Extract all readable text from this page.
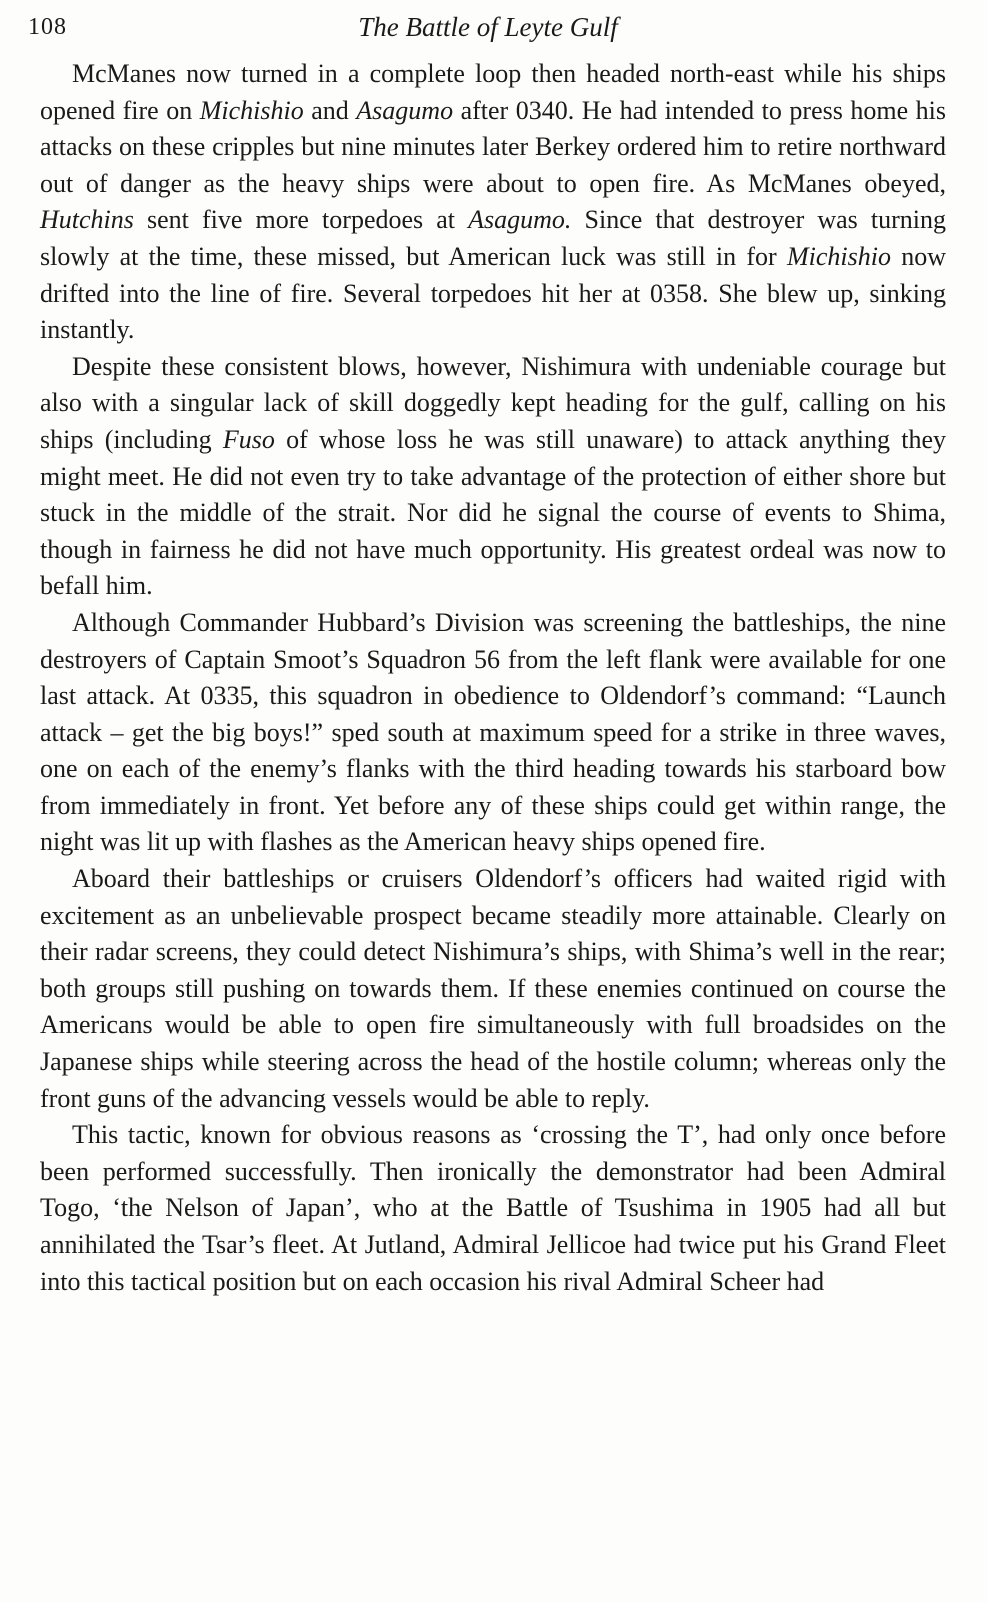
108	The Battle of Leyte Gulf

McManes now turned in a complete loop then headed north-east while his ships opened fire on Michishio and Asagumo after 0340. He had intended to press home his attacks on these cripples but nine minutes later Berkey ordered him to retire northward out of danger as the heavy ships were about to open fire. As McManes obeyed, Hutchins sent five more torpedoes at Asagumo. Since that destroyer was turning slowly at the time, these missed, but American luck was still in for Michishio now drifted into the line of fire. Several torpedoes hit her at 0358. She blew up, sinking instantly.

Despite these consistent blows, however, Nishimura with undeniable courage but also with a singular lack of skill doggedly kept heading for the gulf, calling on his ships (including Fuso of whose loss he was still unaware) to attack anything they might meet. He did not even try to take advantage of the protection of either shore but stuck in the middle of the strait. Nor did he signal the course of events to Shima, though in fairness he did not have much opportunity. His greatest ordeal was now to befall him.

Although Commander Hubbard’s Division was screening the battleships, the nine destroyers of Captain Smoot’s Squadron 56 from the left flank were available for one last attack. At 0335, this squadron in obedience to Oldendorf’s command: “Launch attack – get the big boys!” sped south at maximum speed for a strike in three waves, one on each of the enemy’s flanks with the third heading towards his starboard bow from immediately in front. Yet before any of these ships could get within range, the night was lit up with flashes as the American heavy ships opened fire.

Aboard their battleships or cruisers Oldendorf’s officers had waited rigid with excitement as an unbelievable prospect became steadily more attainable. Clearly on their radar screens, they could detect Nishimura’s ships, with Shima’s well in the rear; both groups still pushing on towards them. If these enemies continued on course the Americans would be able to open fire simultaneously with full broadsides on the Japanese ships while steering across the head of the hostile column; whereas only the front guns of the advancing vessels would be able to reply.

This tactic, known for obvious reasons as ‘crossing the T’, had only once before been performed successfully. Then ironically the demonstrator had been Admiral Togo, ‘the Nelson of Japan’, who at the Battle of Tsushima in 1905 had all but annihilated the Tsar’s fleet. At Jutland, Admiral Jellicoe had twice put his Grand Fleet into this tactical position but on each occasion his rival Admiral Scheer had
